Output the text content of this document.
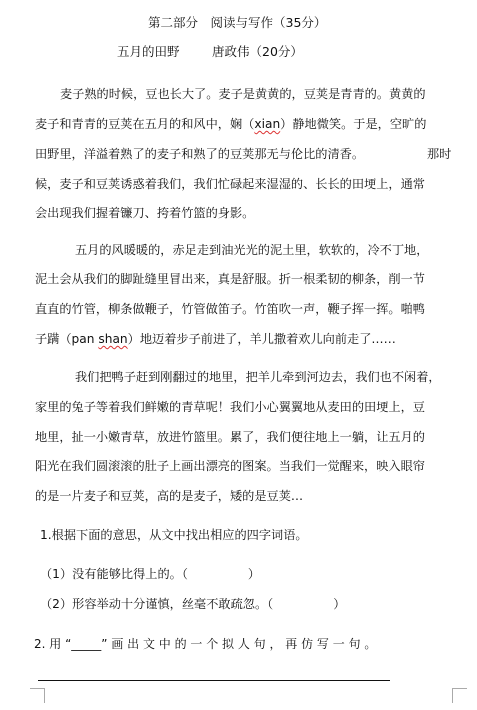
第二部分　阅读与写作（35分）
五月的田野	唐政伟（20分）
麦子熟的时候，豆也长大了。麦子是黄黄的，豆荚是青青的。黄黄的
麦子和青青的豆荚在五月的和风中，娴（xian）静地微笑。于是，空旷的
田野里，洋溢着熟了的麦子和熟了的豆荚那无与伦比的清香。	那时
候，麦子和豆荚诱惑着我们，我们忙碌起来湿湿的、长长的田埂上，通常
会出现我们握着镰刀、挎着竹篮的身影。
五月的风暖暖的，赤足走到油光光的泥土里，软软的，冷不丁地，
泥土会从我们的脚趾缝里冒出来，真是舒服。折一根柔韧的柳条，削一节
直直的竹管，柳条做鞭子，竹管做笛子。竹笛吹一声，鞭子挥一挥。啪鸭
子蹒（pan shan）地迈着步子前进了，羊儿撒着欢儿向前走了……
我们把鸭子赶到刚翻过的地里，把羊儿牵到河边去，我们也不闲着，
家里的兔子等着我们鲜嫩的青草呢！我们小心翼翼地从麦田的田埂上，豆
地里，扯一小嫩青草，放进竹篮里。累了，我们便往地上一躺，让五月的
阳光在我们圆滚滚的肚子上画出漂亮的图案。当我们一觉醒来，映入眼帘
的是一片麦子和豆荚，高的是麦子，矮的是豆荚…
1.根据下面的意思，从文中找出相应的四字词语。
（1）没有能够比得上的。（	）
（2）形容举动十分谨慎，丝毫不敢疏忽。（	）
2. 用 “_____” 画 出 文 中 的 一 个 拟 人 句 ， 再 仿 写 一 句 。
